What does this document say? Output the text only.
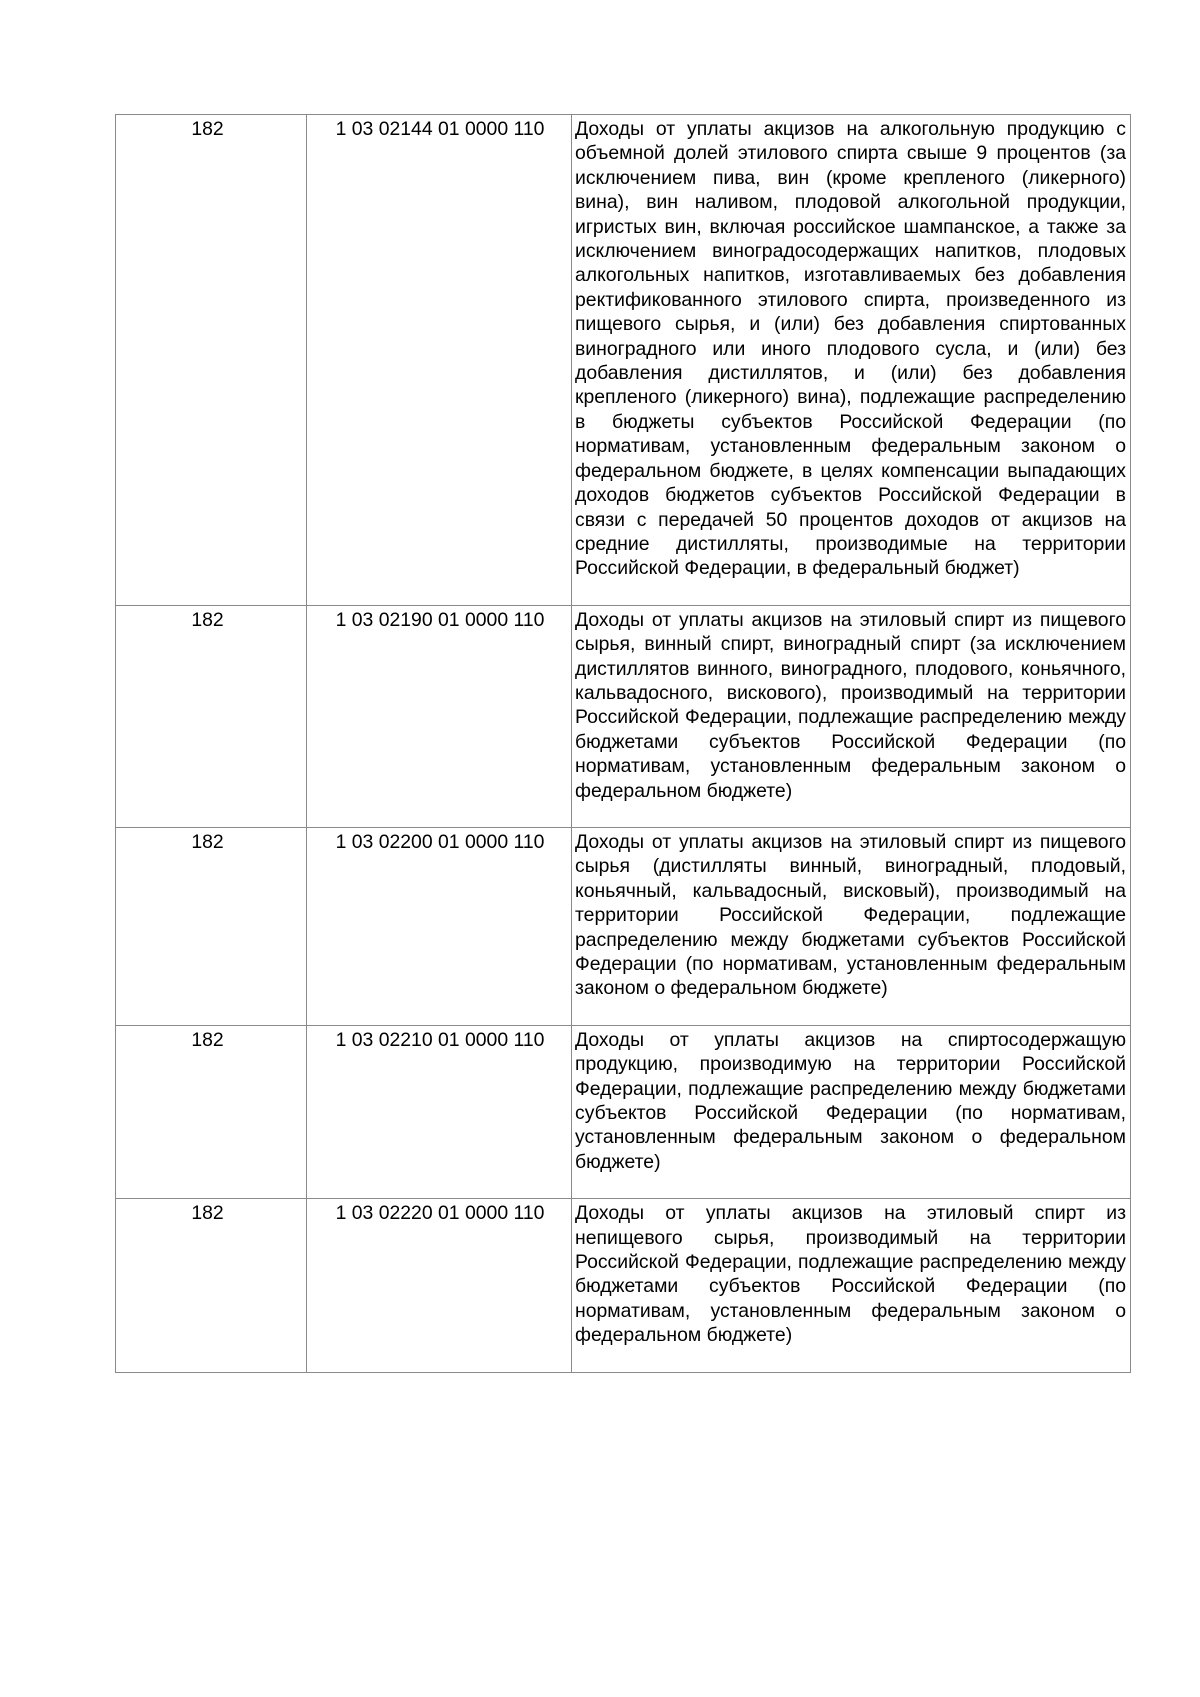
182	1 03 02144 01 0000 110	Доходы от уплаты акцизов на алкогольную продукцию с объемной долей этилового спирта свыше 9 процентов (за исключением пива, вин (кроме крепленого (ликерного) вина), вин наливом, плодовой алкогольной продукции, игристых вин, включая российское шампанское, а также за исключением виноградосодержащих напитков, плодовых алкогольных напитков, изготавливаемых без добавления ректификованного этилового спирта, произведенного из пищевого сырья, и (или) без добавления спиртованных виноградного или иного плодового сусла, и (или) без добавления дистиллятов, и (или) без добавления крепленого (ликерного) вина), подлежащие распределению в бюджеты субъектов Российской Федерации (по нормативам, установленным федеральным законом о федеральном бюджете, в целях компенсации выпадающих доходов бюджетов субъектов Российской Федерации в связи с передачей 50 процентов доходов от акцизов на средние дистилляты, производимые на территории Российской Федерации, в федеральный бюджет)
182	1 03 02190 01 0000 110	Доходы от уплаты акцизов на этиловый спирт из пищевого сырья, винный спирт, виноградный спирт (за исключением дистиллятов винного, виноградного, плодового, коньячного, кальвадосного, вискового), производимый на территории Российской Федерации, подлежащие распределению между бюджетами субъектов Российской Федерации (по нормативам, установленным федеральным законом о федеральном бюджете)
182	1 03 02200 01 0000 110	Доходы от уплаты акцизов на этиловый спирт из пищевого сырья (дистилляты винный, виноградный, плодовый, коньячный, кальвадосный, висковый), производимый на территории Российской Федерации, подлежащие распределению между бюджетами субъектов Российской Федерации (по нормативам, установленным федеральным законом о федеральном бюджете)
182	1 03 02210 01 0000 110	Доходы от уплаты акцизов на спиртосодержащую продукцию, производимую на территории Российской Федерации, подлежащие распределению между бюджетами субъектов Российской Федерации (по нормативам, установленным федеральным законом о федеральном бюджете)
182	1 03 02220 01 0000 110	Доходы от уплаты акцизов на этиловый спирт из непищевого сырья, производимый на территории Российской Федерации, подлежащие распределению между бюджетами субъектов Российской Федерации (по нормативам, установленным федеральным законом о федеральном бюджете)
